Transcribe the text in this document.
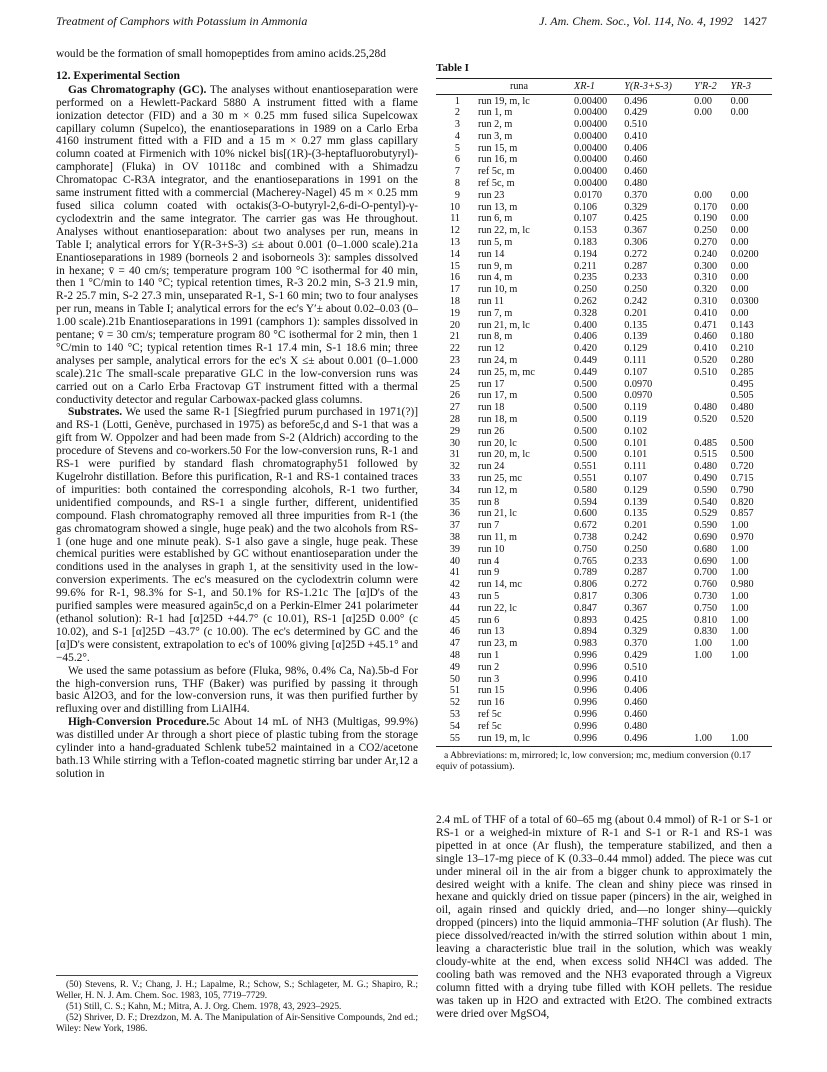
Treatment of Camphors with Potassium in Ammonia	J. Am. Chem. Soc., Vol. 114, No. 4, 1992 1427

would be the formation of small homopeptides from amino acids.25,28d

12. Experimental Section

Gas Chromatography (GC). The analyses without enantioseparation were performed on a Hewlett-Packard 5880 A instrument fitted with a flame ionization detector (FID) and a 30 m × 0.25 mm fused silica Supelcowax capillary column (Supelco), the enantioseparations in 1989 on a Carlo Erba 4160 instrument fitted with a FID and a 15 m × 0.27 mm glass capillary column coated at Firmenich with 10% nickel bis[(1R)-(3-heptafluorobutyryl)-camphorate] (Fluka) in OV 10118c and combined with a Shimadzu Chromatopac C-R3A integrator, and the enantioseparations in 1991 on the same instrument fitted with a commercial (Macherey-Nagel) 45 m × 0.25 mm fused silica column coated with octakis(3-O-butyryl-2,6-di-O-pentyl)-γ-cyclodextrin and the same integrator. The carrier gas was He throughout. Analyses without enantioseparation: about two analyses per run, means in Table I; analytical errors for Y(R-3+S-3) ≤± about 0.001 (0–1.000 scale).21a Enantioseparations in 1989 (borneols 2 and isoborneols 3): samples dissolved in hexane; v̄ = 40 cm/s; temperature program 100 °C isothermal for 40 min, then 1 °C/min to 140 °C; typical retention times, R-3 20.2 min, S-3 21.9 min, R-2 25.7 min, S-2 27.3 min, unseparated R-1, S-1 60 min; two to four analyses per run, means in Table I; analytical errors for the ec's Y′± about 0.02–0.03 (0–1.00 scale).21b Enantioseparations in 1991 (camphors 1): samples dissolved in pentane; v̄ = 30 cm/s; temperature program 80 °C isothermal for 2 min, then 1 °C/min to 140 °C; typical retention times R-1 17.4 min, S-1 18.6 min; three analyses per sample, analytical errors for the ec's X ≤± about 0.001 (0–1.000 scale).21c The small-scale preparative GLC in the low-conversion runs was carried out on a Carlo Erba Fractovap GT instrument fitted with a thermal conductivity detector and regular Carbowax-packed glass columns.

Substrates. We used the same R-1 [Siegfried purum purchased in 1971(?)] and RS-1 (Lotti, Genève, purchased in 1975) as before5c,d and S-1 that was a gift from W. Oppolzer and had been made from S-2 (Aldrich) according to the procedure of Stevens and co-workers.50 For the low-conversion runs, R-1 and RS-1 were purified by standard flash chromatography51 followed by Kugelrohr distillation. Before this purification, R-1 and RS-1 contained traces of impurities: both contained the corresponding alcohols, R-1 two further, unidentified compounds, and RS-1 a single further, different, unidentified compound. Flash chromatography removed all three impurities from R-1 (the gas chromatogram showed a single, huge peak) and the two alcohols from RS-1 (one huge and one minute peak). S-1 also gave a single, huge peak. These chemical purities were established by GC without enantioseparation under the conditions used in the analyses in graph 1, at the sensitivity used in the low-conversion experiments. The ec's measured on the cyclodextrin column were 99.6% for R-1, 98.3% for S-1, and 50.1% for RS-1.21c The [α]D's of the purified samples were measured again5c,d on a Perkin-Elmer 241 polarimeter (ethanol solution): R-1 had [α]25D +44.7° (c 10.01), RS-1 [α]25D 0.00° (c 10.02), and S-1 [α]25D −43.7° (c 10.00). The ec's determined by GC and the [α]D's were consistent, extrapolation to ec's of 100% giving [α]25D +45.1° and −45.2°.

We used the same potassium as before (Fluka, 98%, 0.4% Ca, Na).5b-d For the high-conversion runs, THF (Baker) was purified by passing it through basic Al2O3, and for the low-conversion runs, it was then purified further by refluxing over and distilling from LiAlH4.

High-Conversion Procedure.5c About 14 mL of NH3 (Multigas, 99.9%) was distilled under Ar through a short piece of plastic tubing from the storage cylinder into a hand-graduated Schlenk tube52 maintained in a CO2/acetone bath.13 While stirring with a Teflon-coated magnetic stirring bar under Ar,12 a solution in

(50) Stevens, R. V.; Chang, J. H.; Lapalme, R.; Schow, S.; Schlageter, M. G.; Shapiro, R.; Weller, H. N. J. Am. Chem. Soc. 1983, 105, 7719–7729.

(51) Still, C. S.; Kahn, M.; Mitra, A. J. Org. Chem. 1978, 43, 2923–2925.

(52) Shriver, D. F.; Drezdzon, M. A. The Manipulation of Air-Sensitive Compounds, 2nd ed.; Wiley: New York, 1986.

Table I
	runa	XR-1	Y(R-3+S-3)	Y′R-2	YR-3
1	run 19, m, lc	0.00400	0.496	0.00	0.00
2	run 1, m	0.00400	0.429	0.00	0.00
3	run 2, m	0.00400	0.510		
4	run 3, m	0.00400	0.410		
5	run 15, m	0.00400	0.406		
6	run 16, m	0.00400	0.460		
7	ref 5c, m	0.00400	0.460		
8	ref 5c, m	0.00400	0.480		
9	run 23	0.0170	0.370	0.00	0.00
10	run 13, m	0.106	0.329	0.170	0.00
11	run 6, m	0.107	0.425	0.190	0.00
12	run 22, m, lc	0.153	0.367	0.250	0.00
13	run 5, m	0.183	0.306	0.270	0.00
14	run 14	0.194	0.272	0.240	0.0200
15	run 9, m	0.211	0.287	0.300	0.00
16	run 4, m	0.235	0.233	0.310	0.00
17	run 10, m	0.250	0.250	0.320	0.00
18	run 11	0.262	0.242	0.310	0.0300
19	run 7, m	0.328	0.201	0.410	0.00
20	run 21, m, lc	0.400	0.135	0.471	0.143
21	run 8, m	0.406	0.139	0.460	0.180
22	run 12	0.420	0.129	0.410	0.210
23	run 24, m	0.449	0.111	0.520	0.280
24	run 25, m, mc	0.449	0.107	0.510	0.285
25	run 17	0.500	0.0970		0.495
26	run 17, m	0.500	0.0970		0.505
27	run 18	0.500	0.119	0.480	0.480
28	run 18, m	0.500	0.119	0.520	0.520
29	run 26	0.500	0.102		
30	run 20, lc	0.500	0.101	0.485	0.500
31	run 20, m, lc	0.500	0.101	0.515	0.500
32	run 24	0.551	0.111	0.480	0.720
33	run 25, mc	0.551	0.107	0.490	0.715
34	run 12, m	0.580	0.129	0.590	0.790
35	run 8	0.594	0.139	0.540	0.820
36	run 21, lc	0.600	0.135	0.529	0.857
37	run 7	0.672	0.201	0.590	1.00
38	run 11, m	0.738	0.242	0.690	0.970
39	run 10	0.750	0.250	0.680	1.00
40	run 4	0.765	0.233	0.690	1.00
41	run 9	0.789	0.287	0.700	1.00
42	run 14, mc	0.806	0.272	0.760	0.980
43	run 5	0.817	0.306	0.730	1.00
44	run 22, lc	0.847	0.367	0.750	1.00
45	run 6	0.893	0.425	0.810	1.00
46	run 13	0.894	0.329	0.830	1.00
47	run 23, m	0.983	0.370	1.00	1.00
48	run 1	0.996	0.429	1.00	1.00
49	run 2	0.996	0.510		
50	run 3	0.996	0.410		
51	run 15	0.996	0.406		
52	run 16	0.996	0.460		
53	ref 5c	0.996	0.460		
54	ref 5c	0.996	0.480		
55	run 19, m, lc	0.996	0.496	1.00	1.00
a Abbreviations: m, mirrored; lc, low conversion; mc, medium conversion (0.17 equiv of potassium).

2.4 mL of THF of a total of 60–65 mg (about 0.4 mmol) of R-1 or S-1 or RS-1 or a weighed-in mixture of R-1 and S-1 or R-1 and RS-1 was pipetted in at once (Ar flush), the temperature stabilized, and then a single 13–17-mg piece of K (0.33–0.44 mmol) added. The piece was cut under mineral oil in the air from a bigger chunk to approximately the desired weight with a knife. The clean and shiny piece was rinsed in hexane and quickly dried on tissue paper (pincers) in the air, weighed in oil, again rinsed and quickly dried, and—no longer shiny—quickly dropped (pincers) into the liquid ammonia–THF solution (Ar flush). The piece dissolved/reacted in/with the stirred solution within about 1 min, leaving a characteristic blue trail in the solution, which was weakly cloudy-white at the end, when excess solid NH4Cl was added. The cooling bath was removed and the NH3 evaporated through a Vigreux column fitted with a drying tube filled with KOH pellets. The residue was taken up in H2O and extracted with Et2O. The combined extracts were dried over MgSO4,
